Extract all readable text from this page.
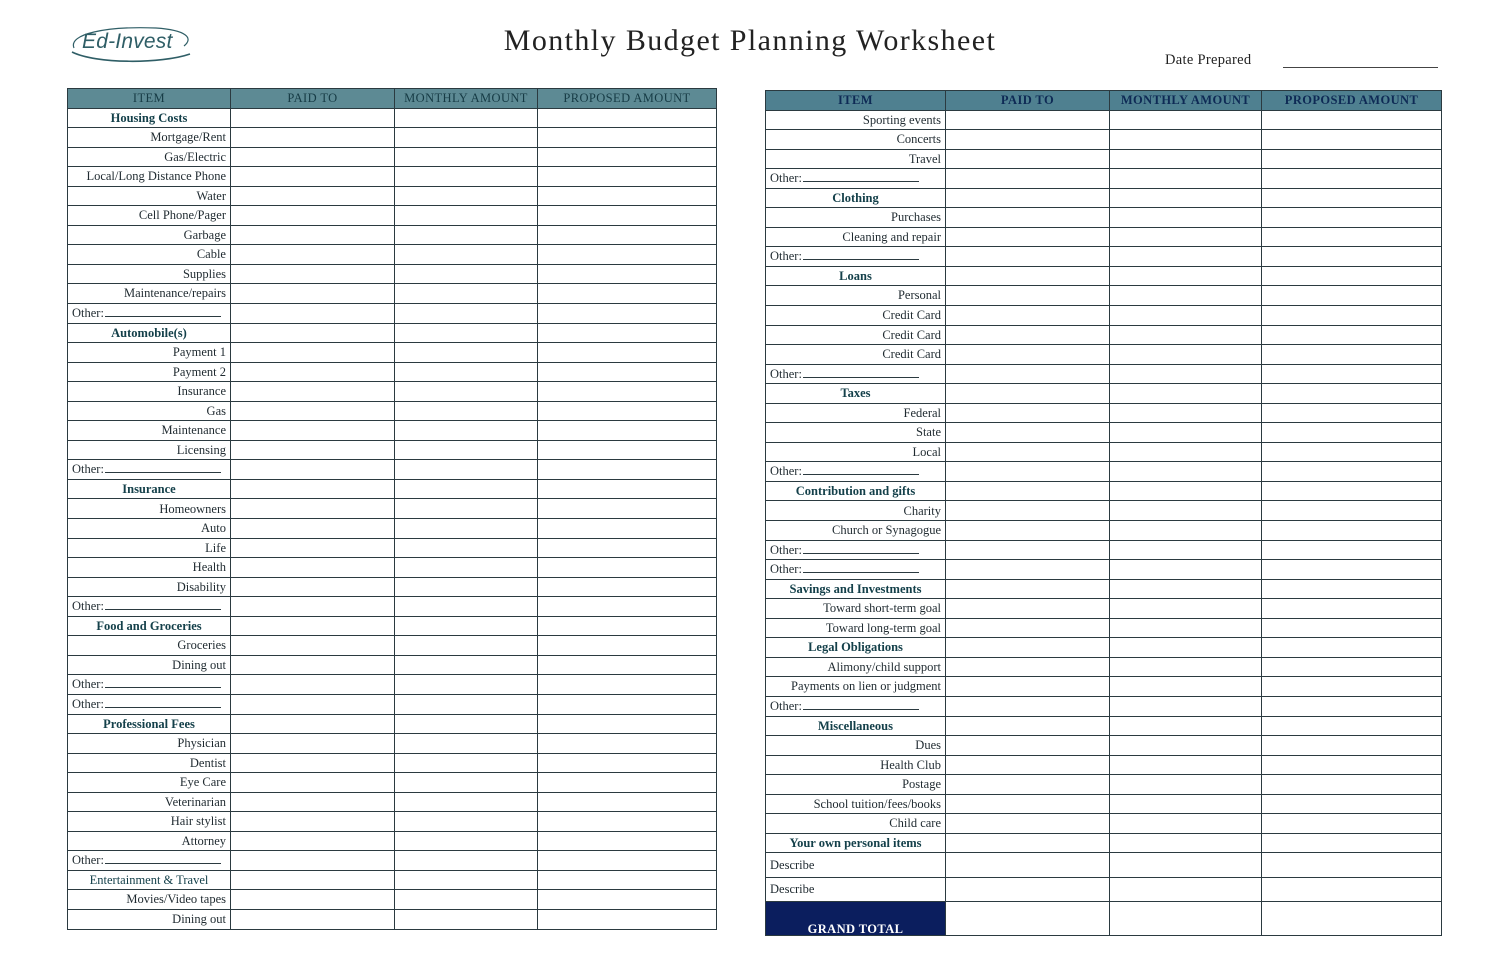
Ed-Invest	Monthly Budget Planning Worksheet
Date Prepared
ITEM	PAID TO	MONTHLY AMOUNT	PROPOSED AMOUNT
Housing Costs			
Mortgage/Rent			
Gas/Electric			
Local/Long Distance Phone			
Water			
Cell Phone/Pager			
Garbage			
Cable			
Supplies			
Maintenance/repairs			
Other:			
Automobile(s)			
Payment 1			
Payment 2			
Insurance			
Gas			
Maintenance			
Licensing			
Other:			
Insurance			
Homeowners			
Auto			
Life			
Health			
Disability			
Other:			
Food and Groceries			
Groceries			
Dining out			
Other:			
Other:			
Professional Fees			
Physician			
Dentist			
Eye Care			
Veterinarian			
Hair stylist			
Attorney			
Other:			
Entertainment & Travel			
Movies/Video tapes			
Dining out			
ITEM	PAID TO	MONTHLY AMOUNT	PROPOSED AMOUNT
Sporting events			
Concerts			
Travel			
Other:			
Clothing			
Purchases			
Cleaning and repair			
Other:			
Loans			
Personal			
Credit Card			
Credit Card			
Credit Card			
Other:			
Taxes			
Federal			
State			
Local			
Other:			
Contribution and gifts			
Charity			
Church or Synagogue			
Other:			
Other:			
Savings and Investments			
Toward short-term goal			
Toward long-term goal			
Legal Obligations			
Alimony/child support			
Payments on lien or judgment			
Other:			
Miscellaneous			
Dues			
Health Club			
Postage			
School tuition/fees/books			
Child care			
Your own personal items			
Describe			
Describe			
GRAND TOTAL			
